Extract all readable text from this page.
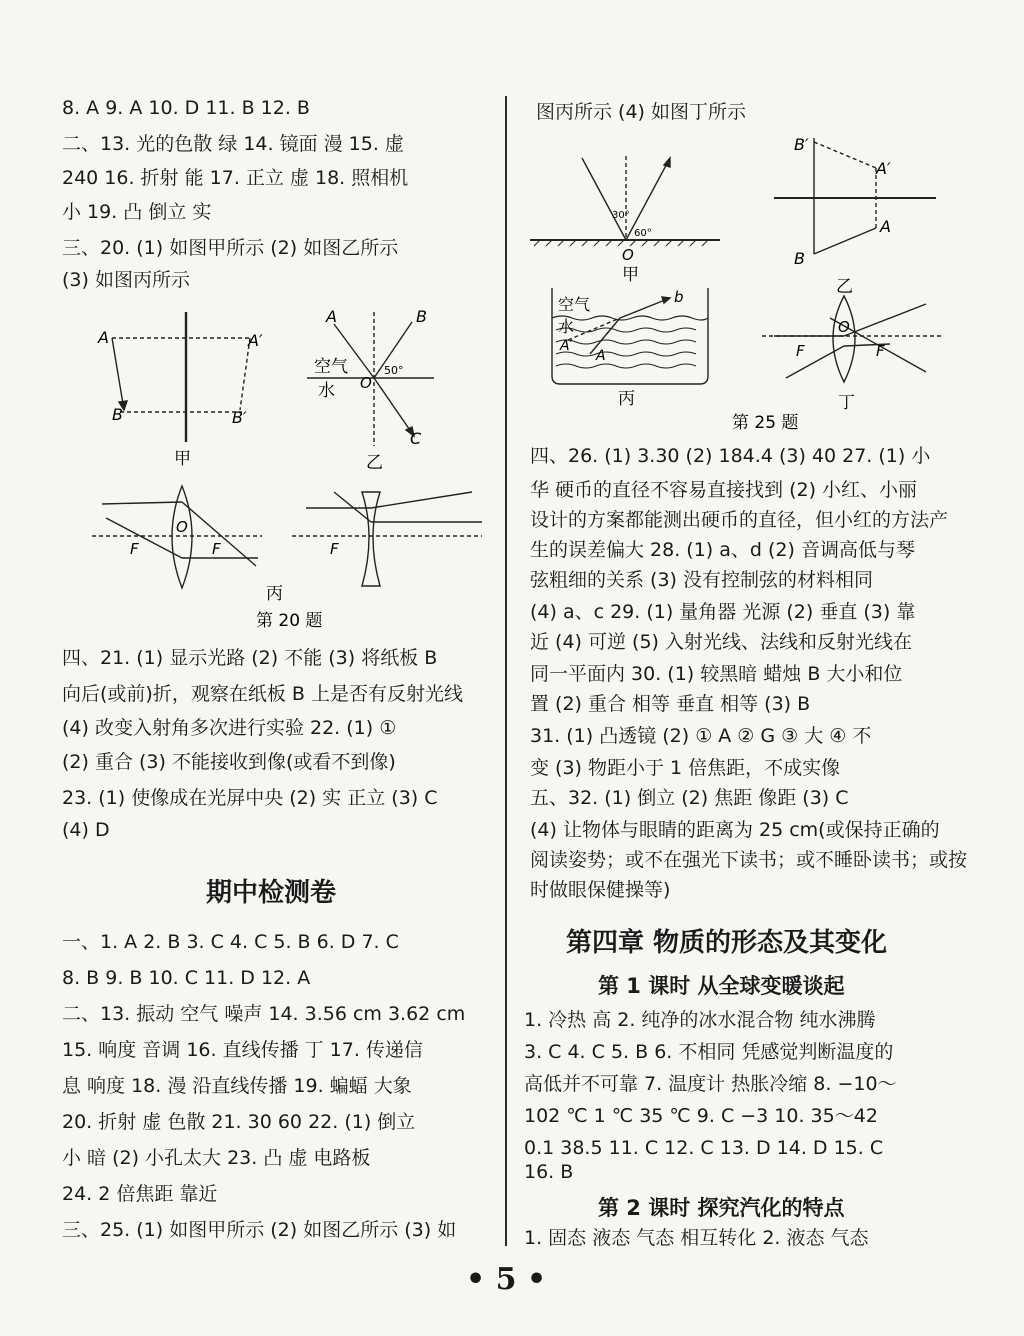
8. A 9. A 10. D 11. B 12. B
二、13. 光的色散 绿 14. 镜面 漫 15. 虚
240 16. 折射 能 17. 正立 虚 18. 照相机
小 19. 凸 倒立 实
三、20. (1) 如图甲所示 (2) 如图乙所示
(3) 如图丙所示
A	A′
B	B′
甲
A	B
O
50°
空气
水
C
乙
O
F	F	F
丙
第 20 题
四、21. (1) 显示光路 (2) 不能 (3) 将纸板 B
向后(或前)折，观察在纸板 B 上是否有反射光线
(4) 改变入射角多次进行实验 22. (1) ①
(2) 重合 (3) 不能接收到像(或看不到像)
23. (1) 使像成在光屏中央 (2) 实 正立 (3) C
(4) D
期中检测卷
一、1. A 2. B 3. C 4. C 5. B 6. D 7. C
8. B 9. B 10. C 11. D 12. A
二、13. 振动 空气 噪声 14. 3.56 cm 3.62 cm
15. 响度 音调 16. 直线传播 丁 17. 传递信
息 响度 18. 漫 沿直线传播 19. 蝙蝠 大象
20. 折射 虚 色散 21. 30 60 22. (1) 倒立
小 暗 (2) 小孔太大 23. 凸 虚 电路板
24. 2 倍焦距 靠近
三、25. (1) 如图甲所示 (2) 如图乙所示 (3) 如
图丙所示 (4) 如图丁所示
30°
60°
O
甲
B′
A′
A
B
乙
空气
水
b
A′
A
丙
F	F
O
丁
第 25 题
四、26. (1) 3.30 (2) 184.4 (3) 40 27. (1) 小
华 硬币的直径不容易直接找到 (2) 小红、小丽
设计的方案都能测出硬币的直径，但小红的方法产
生的误差偏大 28. (1) a、d (2) 音调高低与琴
弦粗细的关系 (3) 没有控制弦的材料相同
(4) a、c 29. (1) 量角器 光源 (2) 垂直 (3) 靠
近 (4) 可逆 (5) 入射光线、法线和反射光线在
同一平面内 30. (1) 较黑暗 蜡烛 B 大小和位
置 (2) 重合 相等 垂直 相等 (3) B
31. (1) 凸透镜 (2) ① A ② G ③ 大 ④ 不
变 (3) 物距小于 1 倍焦距，不成实像
五、32. (1) 倒立 (2) 焦距 像距 (3) C
(4) 让物体与眼睛的距离为 25 cm(或保持正确的
阅读姿势；或不在强光下读书；或不睡卧读书；或按
时做眼保健操等)
第四章 物质的形态及其变化
第 1 课时 从全球变暖谈起
1. 冷热 高 2. 纯净的冰水混合物 纯水沸腾
3. C 4. C 5. B 6. 不相同 凭感觉判断温度的
高低并不可靠 7. 温度计 热胀冷缩 8. −10～
102 ℃ 1 ℃ 35 ℃ 9. C −3 10. 35～42
0.1 38.5 11. C 12. C 13. D 14. D 15. C
16. B
第 2 课时 探究汽化的特点
1. 固态 液态 气态 相互转化 2. 液态 气态
• 5 •
